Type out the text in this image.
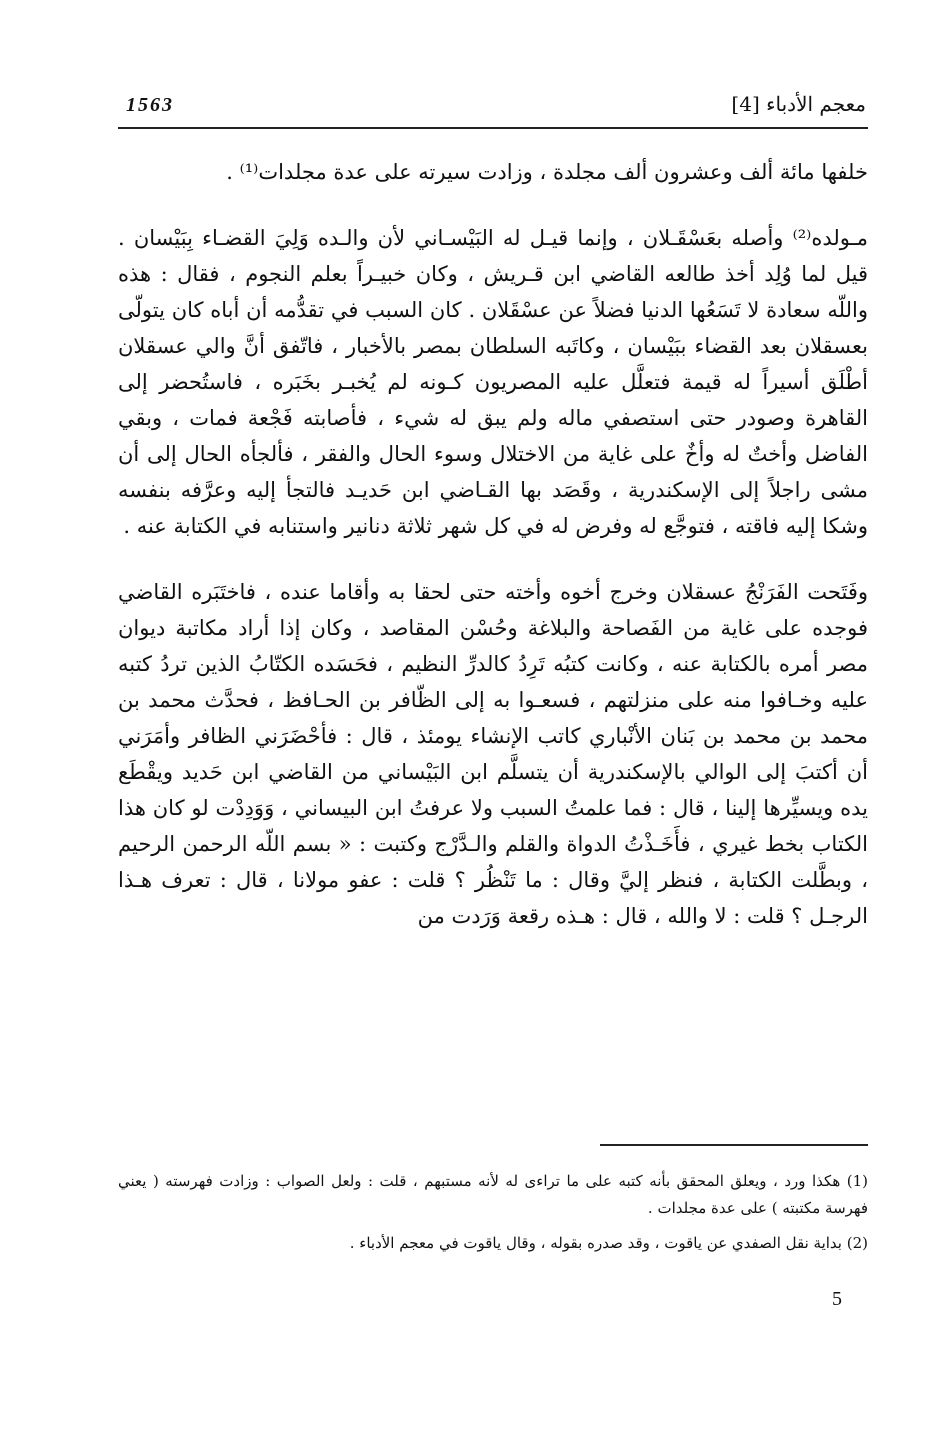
1563	معجم الأدباء [4]

خلفها مائة ألف وعشرون ألف مجلدة ، وزادت سيرته على عدة مجلدات⁽¹⁾ .

مـولده⁽²⁾ وأصله بعَسْقَـلان ، وإنما قيـل له البَيْسـاني لأن والـده وَلِيَ القضـاء بِبَيْسان . قيل لما وُلِد أخذ طالعه القاضي ابن قـريش ، وكان خبيـراً بعلم النجوم ، فقال : هذه واللّه سعادة لا تَسَعُها الدنيا فضلاً عن عسْقَلان . كان السبب في تقدُّمه أن أباه كان يتولّى بعسقلان بعد القضاء ببَيْسان ، وكاتَبه السلطان بمصر بالأخبار ، فاتّفق أنَّ والي عسقلان أطْلَق أسيراً له قيمة فتعلَّل عليه المصريون كـونه لم يُخبـر بخَبَره ، فاستُحضر إلى القاهرة وصودر حتى استصفي ماله ولم يبق له شيء ، فأصابته فَجْعة فمات ، وبقي الفاضل وأختٌ له وأخٌ على غاية من الاختلال وسوء الحال والفقر ، فألجأه الحال إلى أن مشى راجلاً إلى الإسكندرية ، وقَصَد بها القـاضي ابن حَديـد فالتجأ إليه وعرَّفه بنفسه وشكا إليه فاقته ، فتوجَّع له وفرض له في كل شهر ثلاثة دنانير واستنابه في الكتابة عنه .

وفَتَحت الفَرَنْجُ عسقلان وخرج أخوه وأخته حتى لحقا به وأقاما عنده ، فاختَبَره القاضي فوجده على غاية من الفَصاحة والبلاغة وحُسْن المقاصد ، وكان إذا أراد مكاتبة ديوان مصر أمره بالكتابة عنه ، وكانت كتبُه تَرِدُ كالدرِّ النظيم ، فحَسَده الكتّابُ الذين تردُ كتبه عليه وخـافوا منه على منزلتهم ، فسعـوا به إلى الظّافر بن الحـافظ ، فحدَّث محمد بن محمد بن محمد بن بَنان الأنْباري كاتب الإنشاء يومئذ ، قال : فأحْضَرَني الظافر وأمَرَني أن أكتبَ إلى الوالي بالإسكندرية أن يتسلَّم ابن البَيْساني من القاضي ابن حَديد ويقْطَع يده ويسيِّرها إلينا ، قال : فما علمتُ السبب ولا عرفتُ ابن البيساني ، وَوَدِدْت لو كان هذا الكتاب بخط غيري ، فأَخَـذْتُ الدواة والقلم والـدَّرْج وكتبت : « بسم اللّه الرحمن الرحيم ، وبطَّلت الكتابة ، فنظر إليَّ وقال : ما تَنْظُر ؟ قلت : عفو مولانا ، قال : تعرف هـذا الرجـل ؟ قلت : لا والله ، قال : هـذه رقعة وَرَدت من

(1) هكذا ورد ، ويعلق المحقق بأنه كتبه على ما تراءى له لأنه مستبهم ، قلت : ولعل الصواب : وزادت فهرسته ( يعني فهرسة مكتبته ) على عدة مجلدات .

(2) بداية نقل الصفدي عن ياقوت ، وقد صدره بقوله ، وقال ياقوت في معجم الأدباء .

5
